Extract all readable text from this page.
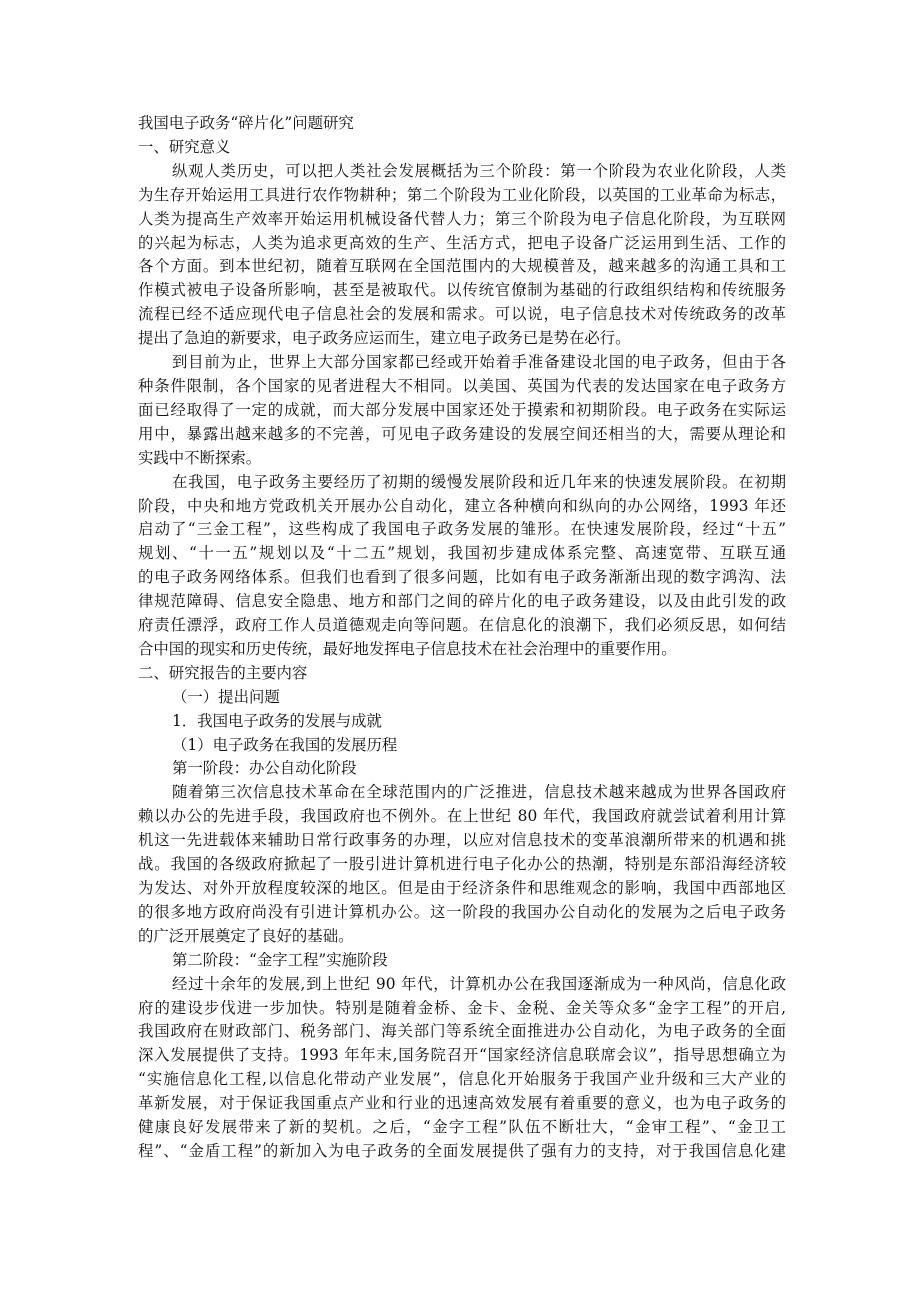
我国电子政务“碎片化”问题研究
一、研究意义
纵观人类历史，可以把人类社会发展概括为三个阶段：第一个阶段为农业化阶段，人类
为生存开始运用工具进行农作物耕种；第二个阶段为工业化阶段，以英国的工业革命为标志，
人类为提高生产效率开始运用机械设备代替人力；第三个阶段为电子信息化阶段，为互联网
的兴起为标志，人类为追求更高效的生产、生活方式，把电子设备广泛运用到生活、工作的
各个方面。到本世纪初，随着互联网在全国范围内的大规模普及，越来越多的沟通工具和工
作模式被电子设备所影响，甚至是被取代。以传统官僚制为基础的行政组织结构和传统服务
流程已经不适应现代电子信息社会的发展和需求。可以说，电子信息技术对传统政务的改革
提出了急迫的新要求，电子政务应运而生，建立电子政务已是势在必行。
到目前为止，世界上大部分国家都已经或开始着手准备建设北国的电子政务，但由于各
种条件限制，各个国家的见者进程大不相同。以美国、英国为代表的发达国家在电子政务方
面已经取得了一定的成就，而大部分发展中国家还处于摸索和初期阶段。电子政务在实际运
用中，暴露出越来越多的不完善，可见电子政务建设的发展空间还相当的大，需要从理论和
实践中不断探索。
在我国，电子政务主要经历了初期的缓慢发展阶段和近几年来的快速发展阶段。在初期
阶段，中央和地方党政机关开展办公自动化，建立各种横向和纵向的办公网络，1993 年还
启动了“三金工程”，这些构成了我国电子政务发展的雏形。在快速发展阶段，经过“十五”
规划、“十一五”规划以及“十二五”规划，我国初步建成体系完整、高速宽带、互联互通
的电子政务网络体系。但我们也看到了很多问题，比如有电子政务渐渐出现的数字鸿沟、法
律规范障碍、信息安全隐患、地方和部门之间的碎片化的电子政务建设，以及由此引发的政
府责任漂浮，政府工作人员道德观走向等问题。在信息化的浪潮下，我们必须反思，如何结
合中国的现实和历史传统，最好地发挥电子信息技术在社会治理中的重要作用。
二、研究报告的主要内容
（一）提出问题
1．我国电子政务的发展与成就
（1）电子政务在我国的发展历程
第一阶段：办公自动化阶段
随着第三次信息技术革命在全球范围内的广泛推进，信息技术越来越成为世界各国政府
赖以办公的先进手段，我国政府也不例外。在上世纪 80 年代，我国政府就尝试着利用计算
机这一先进载体来辅助日常行政事务的办理，以应对信息技术的变革浪潮所带来的机遇和挑
战。我国的各级政府掀起了一股引进计算机进行电子化办公的热潮，特别是东部沿海经济较
为发达、对外开放程度较深的地区。但是由于经济条件和思维观念的影响，我国中西部地区
的很多地方政府尚没有引进计算机办公。这一阶段的我国办公自动化的发展为之后电子政务
的广泛开展奠定了良好的基础。
第二阶段：“金字工程”实施阶段
经过十余年的发展,到上世纪 90 年代，计算机办公在我国逐渐成为一种风尚，信息化政
府的建设步伐进一步加快。特别是随着金桥、金卡、金税、金关等众多“金字工程”的开启,
我国政府在财政部门、税务部门、海关部门等系统全面推进办公自动化，为电子政务的全面
深入发展提供了支持。1993 年年末,国务院召开“国家经济信息联席会议”，指导思想确立为
“实施信息化工程,以信息化带动产业发展”，信息化开始服务于我国产业升级和三大产业的
革新发展，对于保证我国重点产业和行业的迅速高效发展有着重要的意义，也为电子政务的
健康良好发展带来了新的契机。之后，“金字工程”队伍不断壮大，“金审工程”、“金卫工
程”、“金盾工程”的新加入为电子政务的全面发展提供了强有力的支持，对于我国信息化建
